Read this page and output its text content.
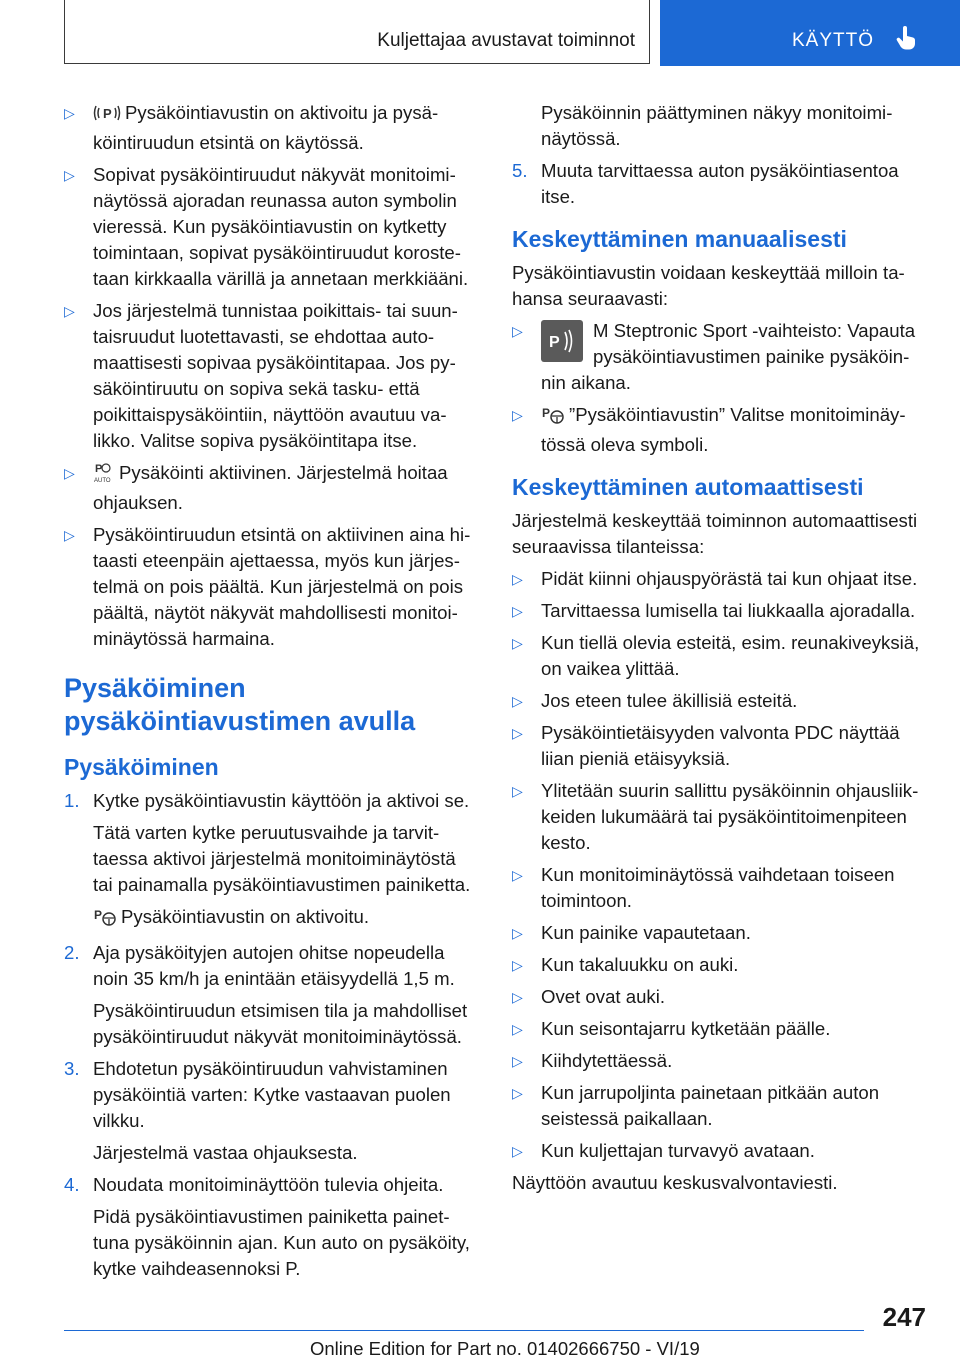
Kuljettajaa avustavat toiminnot	KÄYTTÖ
▷ P Pysäköintiavustin on aktivoitu ja pysäköintiruudun etsintä on käytössä.
▷ Sopivat pysäköintiruudut näkyvät monitoiminäytössä ajoradan reunassa auton symbolin vieressä. Kun pysäköintiavustin on kytketty toimintaan, sopivat pysäköintiruudut korostetaan kirkkaalla värillä ja annetaan merkkiääni.
▷ Jos järjestelmä tunnistaa poikittais- tai suuntaisruudut luotettavasti, se ehdottaa automaattisesti sopivaa pysäköintitapaa. Jos pysäköintiruutu on sopiva sekä tasku- että poikittaispysäköintiin, näyttöön avautuu valikko. Valitse sopiva pysäköintitapa itse.
▷ P
AUTO Pysäköinti aktiivinen. Järjestelmä hoitaa ohjauksen.
▷ Pysäköintiruudun etsintä on aktiivinen aina hitaasti eteenpäin ajettaessa, myös kun järjestelmä on pois päältä. Kun järjestelmä on pois päältä, näytöt näkyvät mahdollisesti monitoiminäytössä harmaina.
Pysäköiminen pysäköintiavustimen avulla
Pysäköiminen
1. Kytke pysäköintiavustin käyttöön ja aktivoi se.
Tätä varten kytke peruutusvaihde ja tarvittaessa aktivoi järjestelmä monitoiminäytöstä tai painamalla pysäköintiavustimen painiketta.
P Pysäköintiavustin on aktivoitu.
2. Aja pysäköityjen autojen ohitse nopeudella noin 35 km/h ja enintään etäisyydellä 1,5 m.
Pysäköintiruudun etsimisen tila ja mahdolliset pysäköintiruudut näkyvät monitoiminäytössä.
3. Ehdotetun pysäköintiruudun vahvistaminen pysäköintiä varten: Kytke vastaavan puolen vilkku.
Järjestelmä vastaa ohjauksesta.
4. Noudata monitoiminäyttöön tulevia ohjeita.
Pidä pysäköintiavustimen painiketta painettuna pysäköinnin ajan. Kun auto on pysäköity, kytke vaihdeasennoksi P.
Pysäköinnin päättyminen näkyy monitoiminäytössä.
5. Muuta tarvittaessa auton pysäköintiasentoa itse.
Keskeyttäminen manuaalisesti
Pysäköintiavustin voidaan keskeyttää milloin tahansa seuraavasti:
▷
P
M Steptronic Sport -vaihteisto: Vapauta pysäköintiavustimen painike pysäköinnin aikana.
▷ P ”Pysäköintiavustin” Valitse monitoiminäytössä oleva symboli.
Keskeyttäminen automaattisesti
Järjestelmä keskeyttää toiminnon automaattisesti seuraavissa tilanteissa:
▷ Pidät kiinni ohjauspyörästä tai kun ohjaat itse.
▷ Tarvittaessa lumisella tai liukkaalla ajoradalla.
▷ Kun tiellä olevia esteitä, esim. reunakiveyksiä, on vaikea ylittää.
▷ Jos eteen tulee äkillisiä esteitä.
▷ Pysäköintietäisyyden valvonta PDC näyttää liian pieniä etäisyyksiä.
▷ Ylitetään suurin sallittu pysäköinnin ohjausliikkeiden lukumäärä tai pysäköintitoimenpiteen kesto.
▷ Kun monitoiminäytössä vaihdetaan toiseen toimintoon.
▷ Kun painike vapautetaan.
▷ Kun takaluukku on auki.
▷ Ovet ovat auki.
▷ Kun seisontajarru kytketään päälle.
▷ Kiihdytettäessä.
▷ Kun jarrupoljinta painetaan pitkään auton seistessä paikallaan.
▷ Kun kuljettajan turvavyö avataan.
Näyttöön avautuu keskusvalvontaviesti.
247
Online Edition for Part no. 01402666750 - VI/19
